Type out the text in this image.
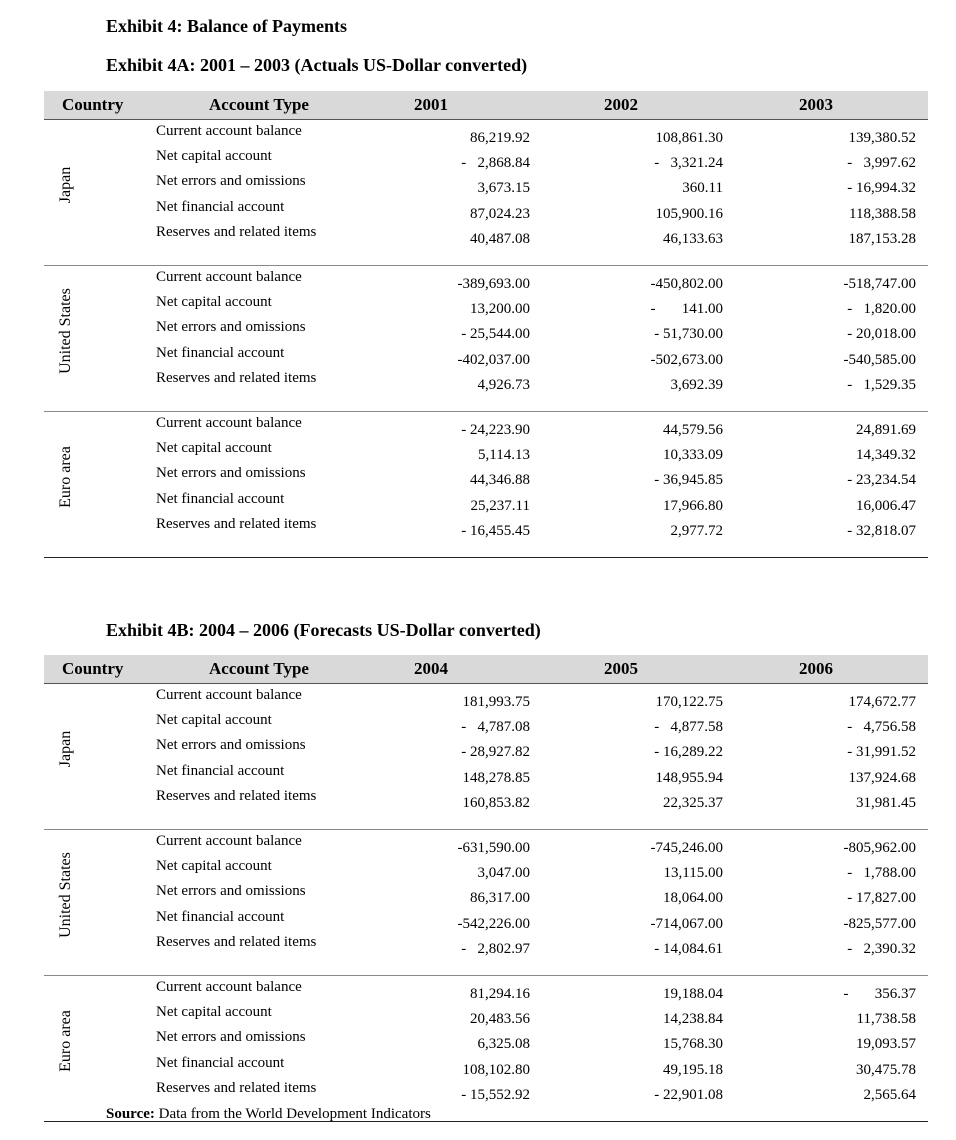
Exhibit 4: Balance of Payments
Exhibit 4A: 2001 – 2003 (Actuals US-Dollar converted)
Country	Account Type	2001	2002	2003
Japan
Current account balance	86,219.92	108,861.30	139,380.52
Net capital account	-   2,868.84	-   3,321.24	-   3,997.62
Net errors and omissions	3,673.15	360.11	- 16,994.32
Net financial account	87,024.23	105,900.16	118,388.58
Reserves and related items	40,487.08	46,133.63	187,153.28
United States
Current account balance	-389,693.00	-450,802.00	-518,747.00
Net capital account	13,200.00	-       141.00	-   1,820.00
Net errors and omissions	- 25,544.00	- 51,730.00	- 20,018.00
Net financial account	-402,037.00	-502,673.00	-540,585.00
Reserves and related items	4,926.73	3,692.39	-   1,529.35
Euro area
Current account balance	- 24,223.90	44,579.56	24,891.69
Net capital account	5,114.13	10,333.09	14,349.32
Net errors and omissions	44,346.88	- 36,945.85	- 23,234.54
Net financial account	25,237.11	17,966.80	16,006.47
Reserves and related items	- 16,455.45	2,977.72	- 32,818.07
Exhibit 4B: 2004 – 2006 (Forecasts US-Dollar converted)
Country	Account Type	2004	2005	2006
Japan
Current account balance	181,993.75	170,122.75	174,672.77
Net capital account	-   4,787.08	-   4,877.58	-   4,756.58
Net errors and omissions	- 28,927.82	- 16,289.22	- 31,991.52
Net financial account	148,278.85	148,955.94	137,924.68
Reserves and related items	160,853.82	22,325.37	31,981.45
United States
Current account balance	-631,590.00	-745,246.00	-805,962.00
Net capital account	3,047.00	13,115.00	-   1,788.00
Net errors and omissions	86,317.00	18,064.00	- 17,827.00
Net financial account	-542,226.00	-714,067.00	-825,577.00
Reserves and related items	-   2,802.97	- 14,084.61	-   2,390.32
Euro area
Current account balance	81,294.16	19,188.04	-       356.37
Net capital account	20,483.56	14,238.84	11,738.58
Net errors and omissions	6,325.08	15,768.30	19,093.57
Net financial account	108,102.80	49,195.18	30,475.78
Reserves and related items	- 15,552.92	- 22,901.08	2,565.64
Source: Data from the World Development Indicators
